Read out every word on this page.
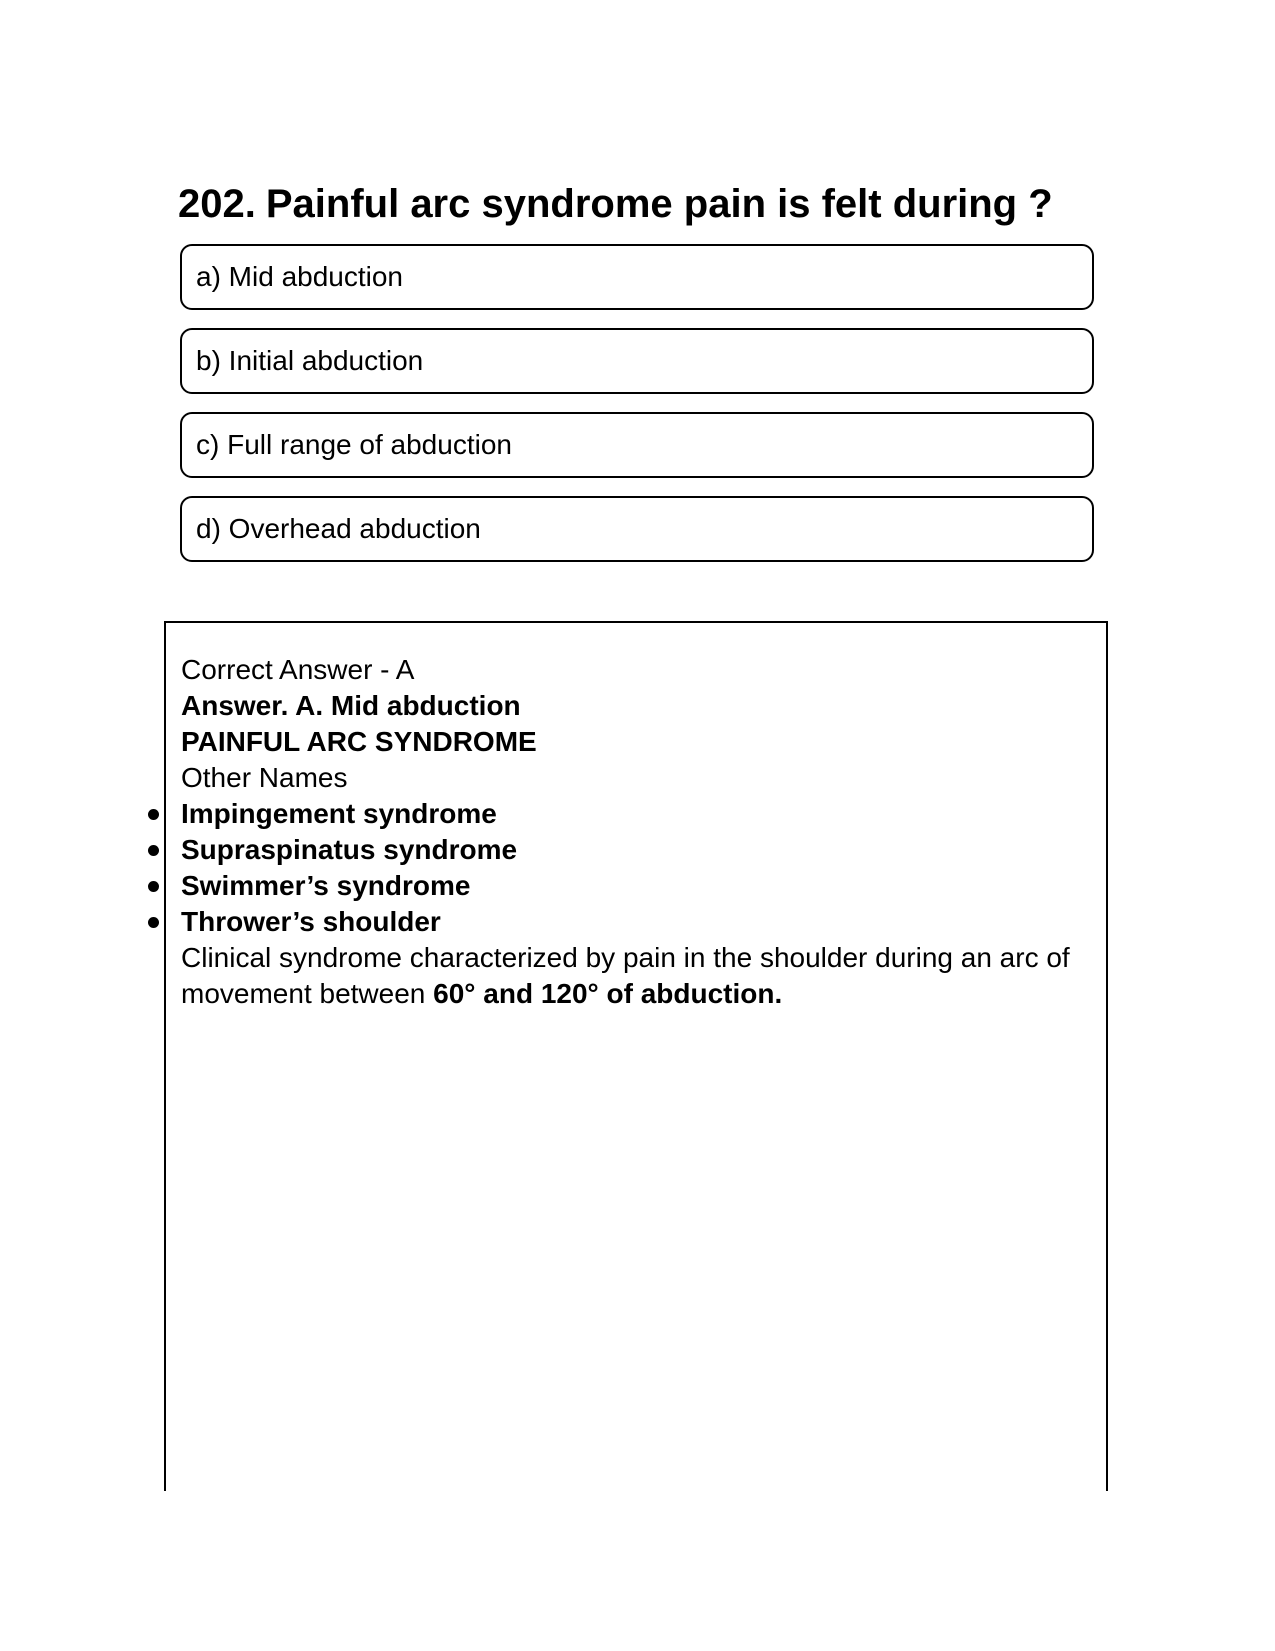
202. Painful arc syndrome pain is felt during ?
a) Mid abduction
b) Initial abduction
c) Full range of abduction
d) Overhead abduction
Correct Answer - A
Answer. A. Mid abduction
PAINFUL ARC SYNDROME
Other Names
Impingement syndrome
Supraspinatus syndrome
Swimmer’s syndrome
Thrower’s shoulder
Clinical syndrome characterized by pain in the shoulder during an arc of movement between 60° and 120° of abduction.
